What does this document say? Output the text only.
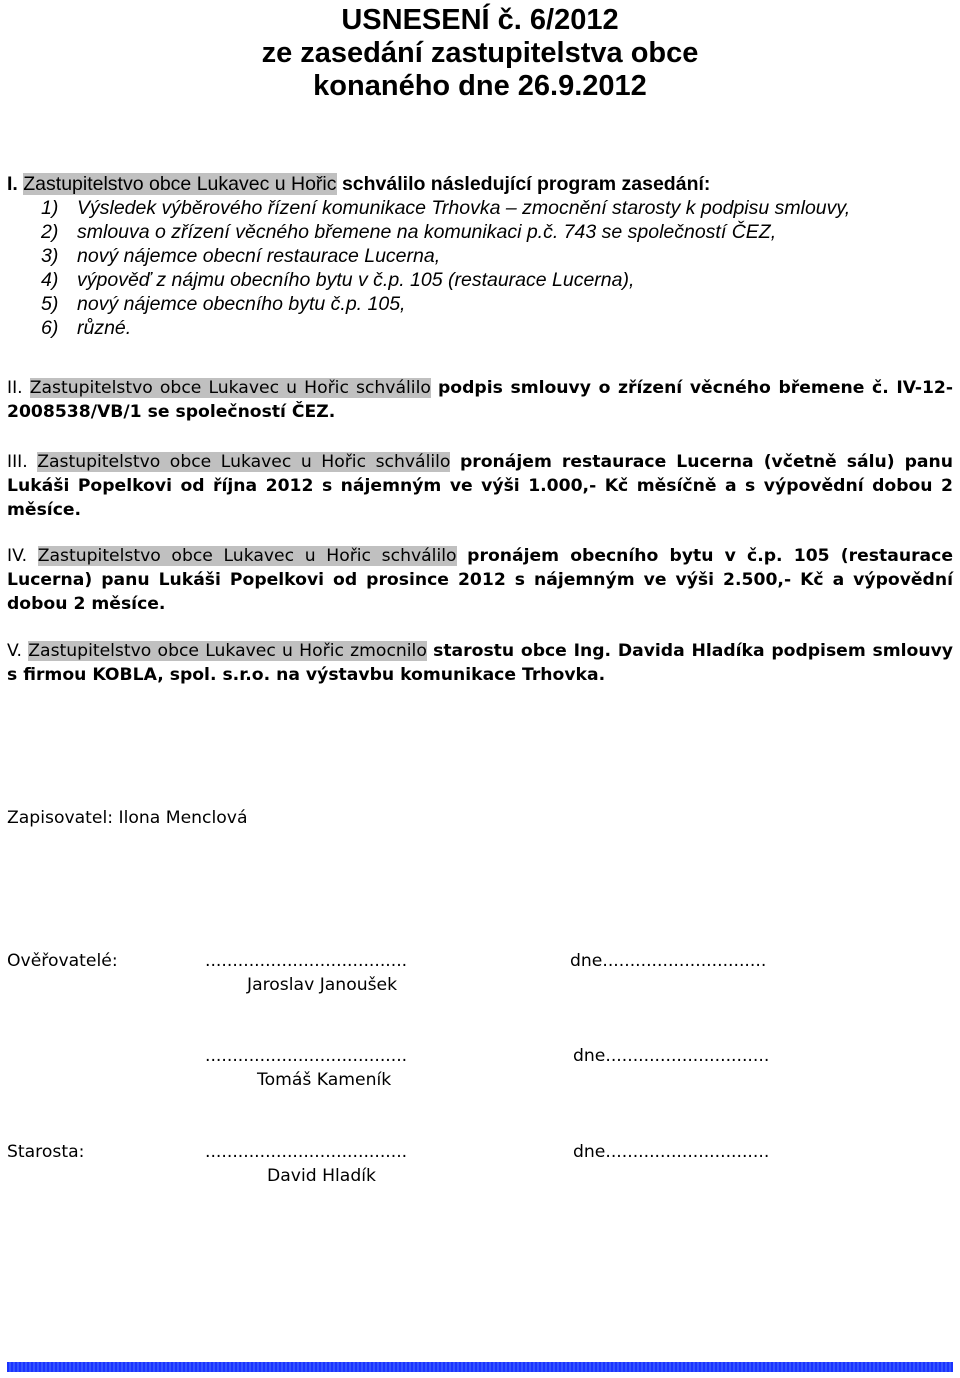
USNESENÍ č. 6/2012
ze zasedání zastupitelstva obce
konaného dne 26.9.2012
I. Zastupitelstvo obce Lukavec u Hořic schválilo následující program zasedání:
1) Výsledek výběrového řízení komunikace Trhovka – zmocnění starosty k podpisu smlouvy,
2) smlouva o zřízení věcného břemene na komunikaci p.č. 743 se společností ČEZ,
3) nový nájemce obecní restaurace Lucerna,
4) výpověď z nájmu obecního bytu v č.p. 105 (restaurace Lucerna),
5) nový nájemce obecního bytu č.p. 105,
6) různé.
II. Zastupitelstvo obce Lukavec u Hořic schválilo podpis smlouvy o zřízení věcného břemene č. IV-12-2008538/VB/1 se společností ČEZ.
III. Zastupitelstvo obce Lukavec u Hořic schválilo pronájem restaurace Lucerna (včetně sálu) panu Lukáši Popelkovi od října 2012 s nájemným ve výši 1.000,- Kč měsíčně a s výpovědní dobou 2 měsíce.
IV. Zastupitelstvo obce Lukavec u Hořic schválilo pronájem obecního bytu v č.p. 105 (restaurace Lucerna) panu Lukáši Popelkovi od prosince 2012 s nájemným ve výši 2.500,- Kč a výpovědní dobou 2 měsíce.
V. Zastupitelstvo obce Lukavec u Hořic zmocnilo starostu obce Ing. Davida Hladíka podpisem smlouvy s firmou KOBLA, spol. s.r.o. na výstavbu komunikace Trhovka.
Zapisovatel: Ilona Menclová
Ověřovatelé:	.....................................	dne..............................
Jaroslav Janoušek
.....................................	dne..............................
Tomáš Kameník
Starosta:	.....................................	dne..............................
David Hladík
